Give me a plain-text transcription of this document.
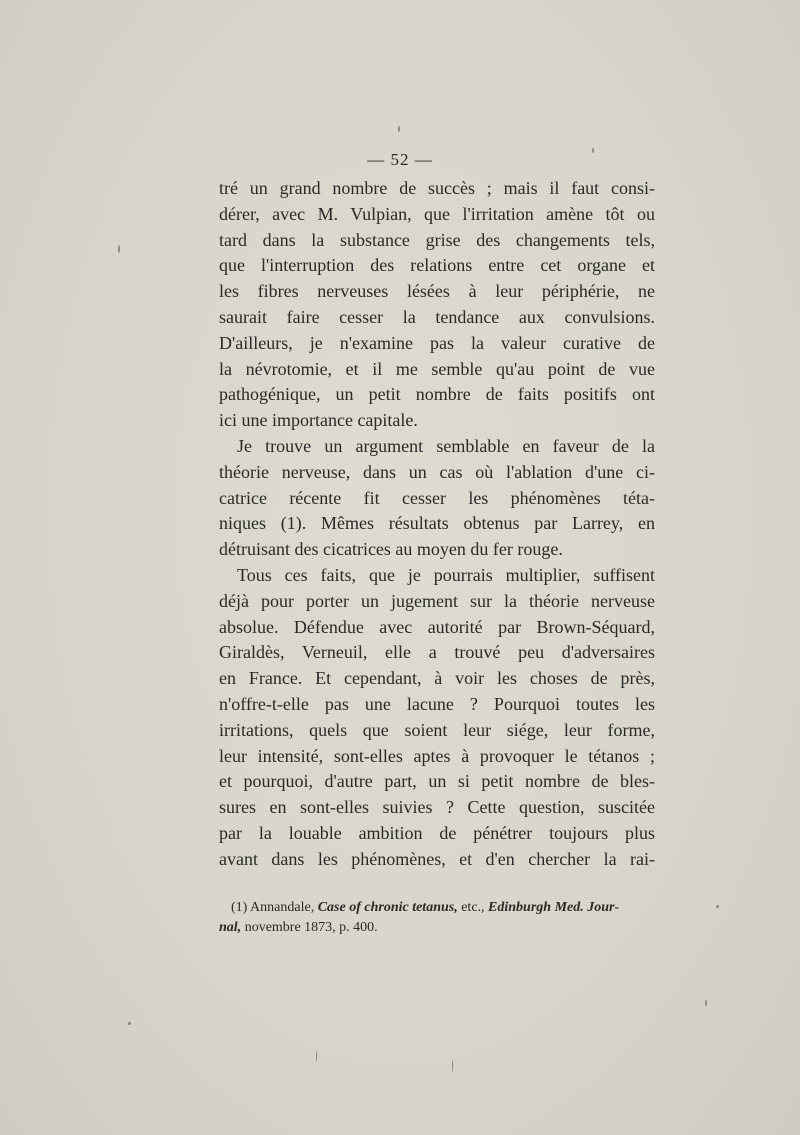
— 52 —

tré un grand nombre de succès ; mais il faut consi-
dérer, avec M. Vulpian, que l'irritation amène tôt ou
tard dans la substance grise des changements tels,
que l'interruption des relations entre cet organe et
les fibres nerveuses lésées à leur périphérie, ne
saurait faire cesser la tendance aux convulsions.
D'ailleurs, je n'examine pas la valeur curative de
la névrotomie, et il me semble qu'au point de vue
pathogénique, un petit nombre de faits positifs ont
ici une importance capitale.

Je trouve un argument semblable en faveur de la
théorie nerveuse, dans un cas où l'ablation d'une ci-
catrice récente fit cesser les phénomènes téta-
niques (1). Mêmes résultats obtenus par Larrey, en
détruisant des cicatrices au moyen du fer rouge.

Tous ces faits, que je pourrais multiplier, suffisent
déjà pour porter un jugement sur la théorie nerveuse
absolue. Défendue avec autorité par Brown-Séquard,
Giraldès, Verneuil, elle a trouvé peu d'adversaires
en France. Et cependant, à voir les choses de près,
n'offre-t-elle pas une lacune ? Pourquoi toutes les
irritations, quels que soient leur siége, leur forme,
leur intensité, sont-elles aptes à provoquer le tétanos ;
et pourquoi, d'autre part, un si petit nombre de bles-
sures en sont-elles suivies ? Cette question, suscitée
par la louable ambition de pénétrer toujours plus
avant dans les phénomènes, et d'en chercher la rai-

(1) Annandale, Case of chronic tetanus, etc., Edinburgh Med. Jour-
nal, novembre 1873, p. 400.
